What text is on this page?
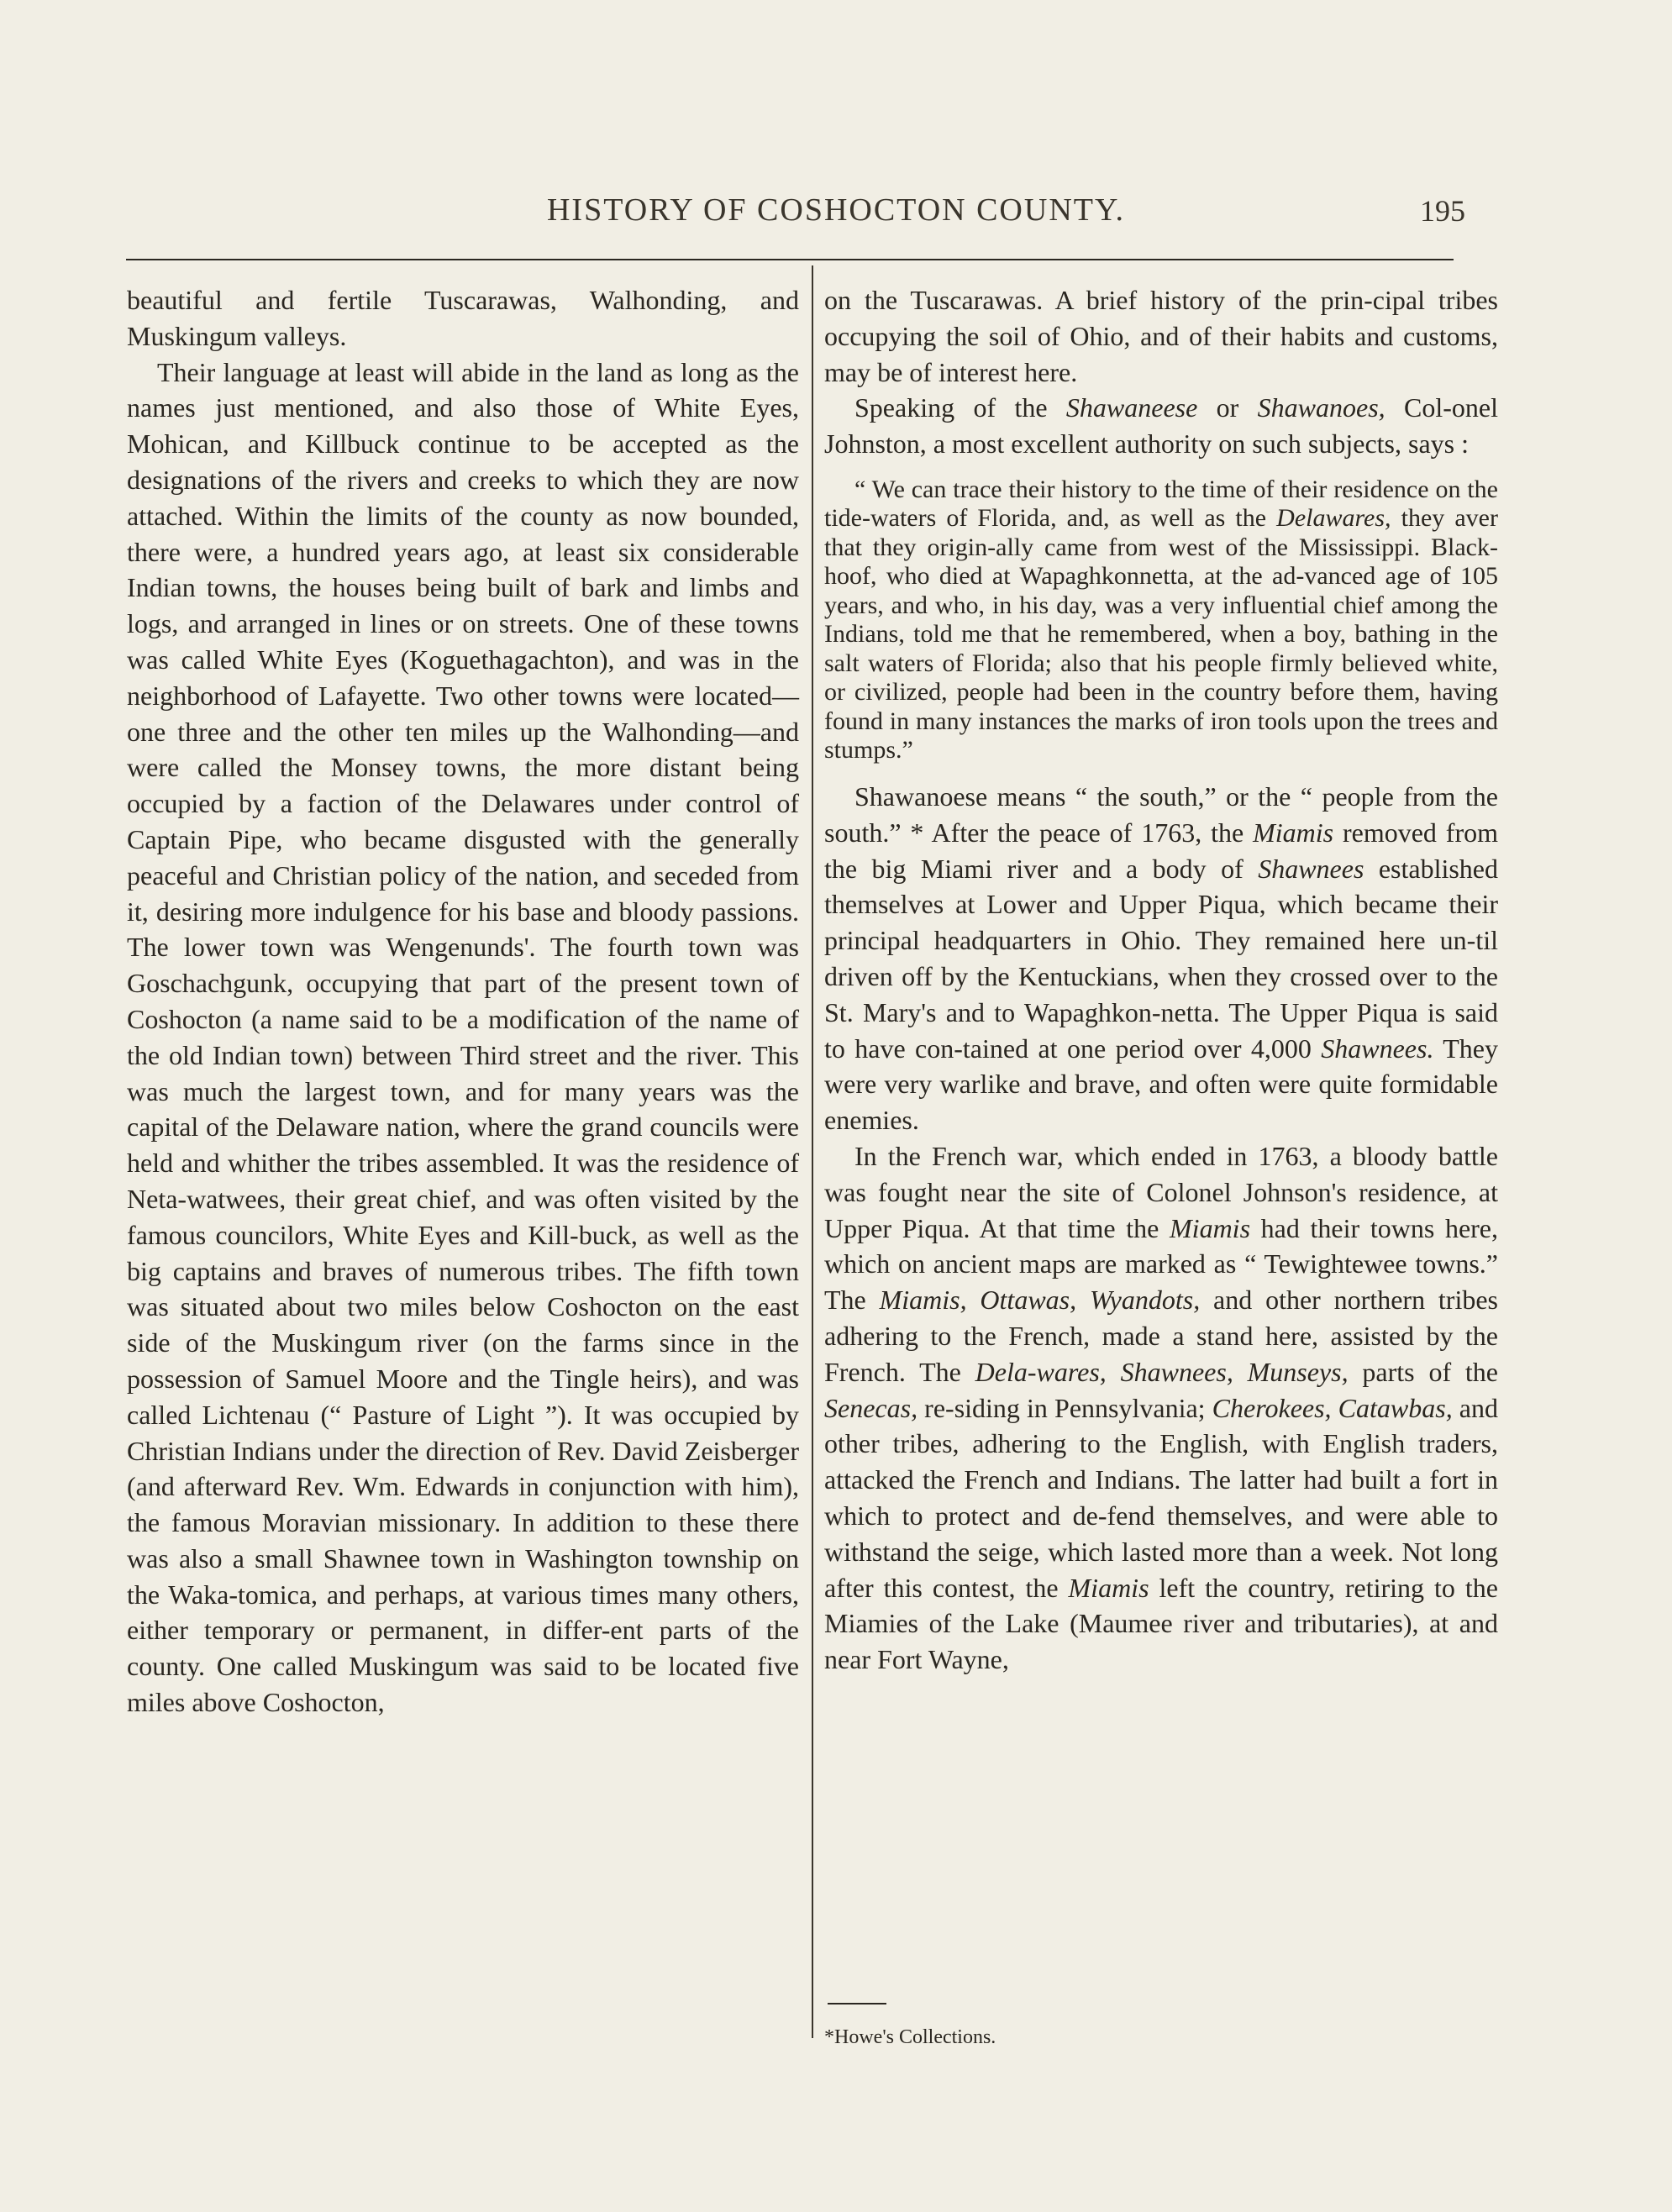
HISTORY OF COSHOCTON COUNTY.	195

beautiful and fertile Tuscarawas, Walhonding, and Muskingum valleys.

Their language at least will abide in the land as long as the names just mentioned, and also those of White Eyes, Mohican, and Killbuck continue to be accepted as the designations of the rivers and creeks to which they are now attached. Within the limits of the county as now bounded, there were, a hundred years ago, at least six considerable Indian towns, the houses being built of bark and limbs and logs, and arranged in lines or on streets. One of these towns was called White Eyes (Koguethagachton), and was in the neighborhood of Lafayette. Two other towns were located—one three and the other ten miles up the Walhonding—and were called the Monsey towns, the more distant being occupied by a faction of the Delawares under control of Captain Pipe, who became disgusted with the generally peaceful and Christian policy of the nation, and seceded from it, desiring more indulgence for his base and bloody passions. The lower town was Wengenunds'. The fourth town was Goschachgunk, occupying that part of the present town of Coshocton (a name said to be a modification of the name of the old Indian town) between Third street and the river. This was much the largest town, and for many years was the capital of the Delaware nation, where the grand councils were held and whither the tribes assembled. It was the residence of Neta-watwees, their great chief, and was often visited by the famous councilors, White Eyes and Kill-buck, as well as the big captains and braves of numerous tribes. The fifth town was situated about two miles below Coshocton on the east side of the Muskingum river (on the farms since in the possession of Samuel Moore and the Tingle heirs), and was called Lichtenau (“ Pasture of Light ”). It was occupied by Christian Indians under the direction of Rev. David Zeisberger (and afterward Rev. Wm. Edwards in conjunction with him), the famous Moravian missionary. In addition to these there was also a small Shawnee town in Washington township on the Waka-tomica, and perhaps, at various times many others, either temporary or permanent, in differ-ent parts of the county. One called Muskingum was said to be located five miles above Coshocton,

on the Tuscarawas. A brief history of the prin-cipal tribes occupying the soil of Ohio, and of their habits and customs, may be of interest here.

Speaking of the Shawaneese or Shawanoes, Col-onel Johnston, a most excellent authority on such subjects, says :

“ We can trace their history to the time of their residence on the tide-waters of Florida, and, as well as the Delawares, they aver that they origin-ally came from west of the Mississippi. Black-hoof, who died at Wapaghkonnetta, at the ad-vanced age of 105 years, and who, in his day, was a very influential chief among the Indians, told me that he remembered, when a boy, bathing in the salt waters of Florida; also that his people firmly believed white, or civilized, people had been in the country before them, having found in many instances the marks of iron tools upon the trees and stumps.”

Shawanoese means “ the south,” or the “ people from the south.” * After the peace of 1763, the Miamis removed from the big Miami river and a body of Shawnees established themselves at Lower and Upper Piqua, which became their principal headquarters in Ohio. They remained here un-til driven off by the Kentuckians, when they crossed over to the St. Mary's and to Wapaghkon-netta. The Upper Piqua is said to have con-tained at one period over 4,000 Shawnees. They were very warlike and brave, and often were quite formidable enemies.

In the French war, which ended in 1763, a bloody battle was fought near the site of Colonel Johnson's residence, at Upper Piqua. At that time the Miamis had their towns here, which on ancient maps are marked as “ Tewightewee towns.” The Miamis, Ottawas, Wyandots, and other northern tribes adhering to the French, made a stand here, assisted by the French. The Dela-wares, Shawnees, Munseys, parts of the Senecas, re-siding in Pennsylvania; Cherokees, Catawbas, and other tribes, adhering to the English, with English traders, attacked the French and Indians. The latter had built a fort in which to protect and de-fend themselves, and were able to withstand the seige, which lasted more than a week. Not long after this contest, the Miamis left the country, retiring to the Miamies of the Lake (Maumee river and tributaries), at and near Fort Wayne,

*Howe's Collections.
